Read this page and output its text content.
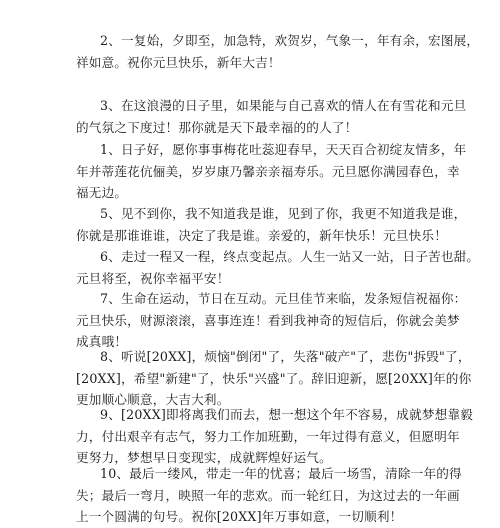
2、一复始，夕即至，加急特，欢贺岁，气象一，年有余，宏图展，
祥如意。祝你元旦快乐，新年大吉！
3、在这浪漫的日子里，如果能与自己喜欢的情人在有雪花和元旦
的气氛之下度过！那你就是天下最幸福的的人了！
1、日子好，愿你事事梅花吐蕊迎春早，天天百合初绽友情多，年
年并蒂莲花伉俪美，岁岁康乃馨亲亲福寿乐。元旦愿你满园春色，幸
福无边。
5、见不到你，我不知道我是谁，见到了你，我更不知道我是谁，
你就是那谁谁谁，决定了我是谁。亲爱的，新年快乐！元旦快乐！
6、走过一程又一程，终点变起点。人生一站又一站，日子苦也甜。
元旦将至，祝你幸福平安！
7、生命在运动，节日在互动。元旦佳节来临，发条短信祝福你：
元旦快乐，财源滚滚，喜事连连！看到我神奇的短信后，你就会美梦
成真哦！
8、听说[20XX]，烦恼"倒闭"了，失落"破产"了，悲伤"拆毁"了，
[20XX]，希望"新建"了，快乐"兴盛"了。辞旧迎新，愿[20XX]年的你
更加顺心顺意，大吉大利。
9、[20XX]即将离我们而去，想一想这个年不容易，成就梦想靠毅
力，付出艰辛有志气，努力工作加班勤，一年过得有意义，但愿明年
更努力，梦想早日变现实，成就辉煌好运气。
10、最后一缕风，带走一年的忧喜；最后一场雪，清除一年的得
失；最后一弯月，映照一年的悲欢。而一轮红日，为这过去的一年画
上一个圆满的句号。祝你[20XX]年万事如意，一切顺利！
